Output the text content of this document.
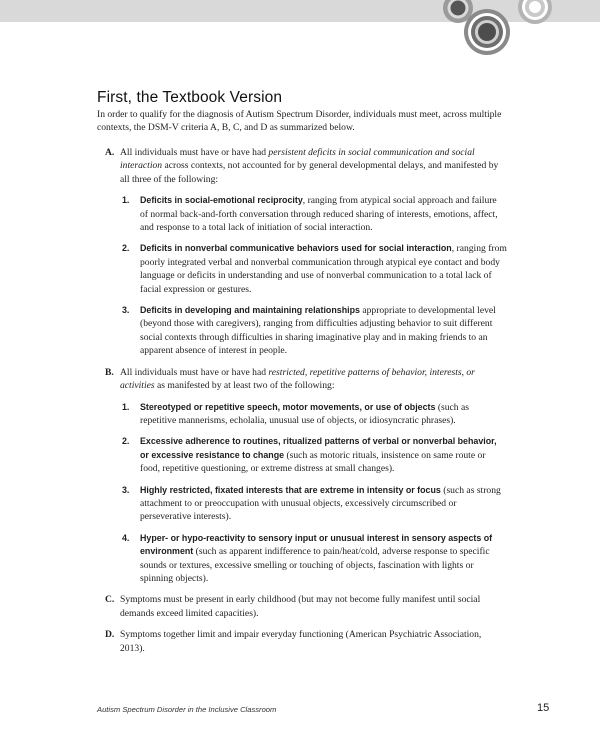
First, the Textbook Version

In order to qualify for the diagnosis of Autism Spectrum Disorder, individuals must meet, across multiple contexts, the DSM-V criteria A, B, C, and D as summarized below.

A. All individuals must have or have had persistent deficits in social communication and social interaction across contexts, not accounted for by general developmental delays, and manifested by all three of the following:

1. Deficits in social-emotional reciprocity, ranging from atypical social approach and failure of normal back-and-forth conversation through reduced sharing of interests, emotions, affect, and response to a total lack of initiation of social interaction.

2. Deficits in nonverbal communicative behaviors used for social interaction, ranging from poorly integrated verbal and nonverbal communication through atypical eye contact and body language or deficits in understanding and use of nonverbal communication to a total lack of facial expression or gestures.

3. Deficits in developing and maintaining relationships appropriate to developmental level (beyond those with caregivers), ranging from difficulties adjusting behavior to suit different social contexts through difficulties in sharing imaginative play and in making friends to an apparent absence of interest in people.

B. All individuals must have or have had restricted, repetitive patterns of behavior, interests, or activities as manifested by at least two of the following:

1. Stereotyped or repetitive speech, motor movements, or use of objects (such as repetitive mannerisms, echolalia, unusual use of objects, or idiosyncratic phrases).

2. Excessive adherence to routines, ritualized patterns of verbal or nonverbal behavior, or excessive resistance to change (such as motoric rituals, insistence on same route or food, repetitive questioning, or extreme distress at small changes).

3. Highly restricted, fixated interests that are extreme in intensity or focus (such as strong attachment to or preoccupation with unusual objects, excessively circumscribed or perseverative interests).

4. Hyper- or hypo-reactivity to sensory input or unusual interest in sensory aspects of environment (such as apparent indifference to pain/heat/cold, adverse response to specific sounds or textures, excessive smelling or touching of objects, fascination with lights or spinning objects).

C. Symptoms must be present in early childhood (but may not become fully manifest until social demands exceed limited capacities).

D. Symptoms together limit and impair everyday functioning (American Psychiatric Association, 2013).

Autism Spectrum Disorder in the Inclusive Classroom	15
